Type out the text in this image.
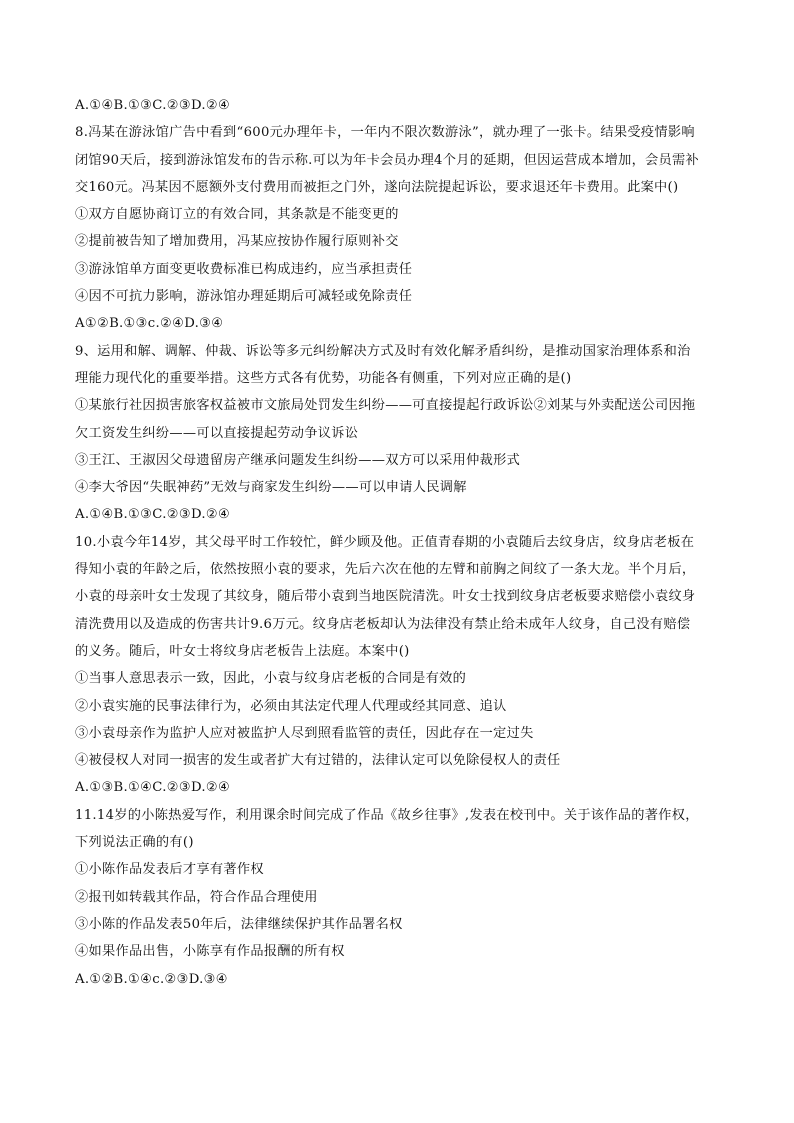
A.①④B.①③C.②③D.②④

8.冯某在游泳馆广告中看到“600元办理年卡，一年内不限次数游泳”，就办理了一张卡。结果受疫情影响

闭馆90天后，接到游泳馆发布的告示称.可以为年卡会员办理4个月的延期，但因运营成本增加，会员需补

交160元。冯某因不愿额外支付费用而被拒之门外，遂向法院提起诉讼，要求退还年卡费用。此案中()

①双方自愿协商订立的有效合同，其条款是不能变更的

②提前被告知了增加费用，冯某应按协作履行原则补交

③游泳馆单方面变更收费标准已构成违约，应当承担责任

④因不可抗力影响，游泳馆办理延期后可减轻或免除责任

A①②B.①③c.②④D.③④

9、运用和解、调解、仲裁、诉讼等多元纠纷解决方式及时有效化解矛盾纠纷，是推动国家治理体系和治

理能力现代化的重要举措。这些方式各有优势，功能各有侧重，下列对应正确的是()

①某旅行社因损害旅客权益被市文旅局处罚发生纠纷——可直接提起行政诉讼②刘某与外卖配送公司因拖

欠工资发生纠纷——可以直接提起劳动争议诉讼

③王江、王淑因父母遗留房产继承问题发生纠纷——双方可以采用仲裁形式

④李大爷因“失眠神药”无效与商家发生纠纷——可以申请人民调解

A.①④B.①③C.②③D.②④

10.小袁今年14岁，其父母平时工作较忙，鲜少顾及他。正值青春期的小袁随后去纹身店，纹身店老板在

得知小袁的年龄之后，依然按照小袁的要求，先后六次在他的左臂和前胸之间纹了一条大龙。半个月后，

小袁的母亲叶女士发现了其纹身，随后带小袁到当地医院清洗。叶女士找到纹身店老板要求赔偿小袁纹身

清洗费用以及造成的伤害共计9.6万元。纹身店老板却认为法律没有禁止给未成年人纹身，自己没有赔偿

的义务。随后，叶女士将纹身店老板告上法庭。本案中()

①当事人意思表示一致，因此，小袁与纹身店老板的合同是有效的

②小袁实施的民事法律行为，必须由其法定代理人代理或经其同意、追认

③小袁母亲作为监护人应对被监护人尽到照看监管的责任，因此存在一定过失

④被侵权人对同一损害的发生或者扩大有过错的，法律认定可以免除侵权人的责任

A.①③B.①④C.②③D.②④

11.14岁的小陈热爱写作，利用课余时间完成了作品《故乡往事》,发表在校刊中。关于该作品的著作权，

下列说法正确的有()

①小陈作品发表后才享有著作权

②报刊如转载其作品，符合作品合理使用

③小陈的作品发表50年后，法律继续保护其作品署名权

④如果作品出售，小陈享有作品报酬的所有权

A.①②B.①④c.②③D.③④
